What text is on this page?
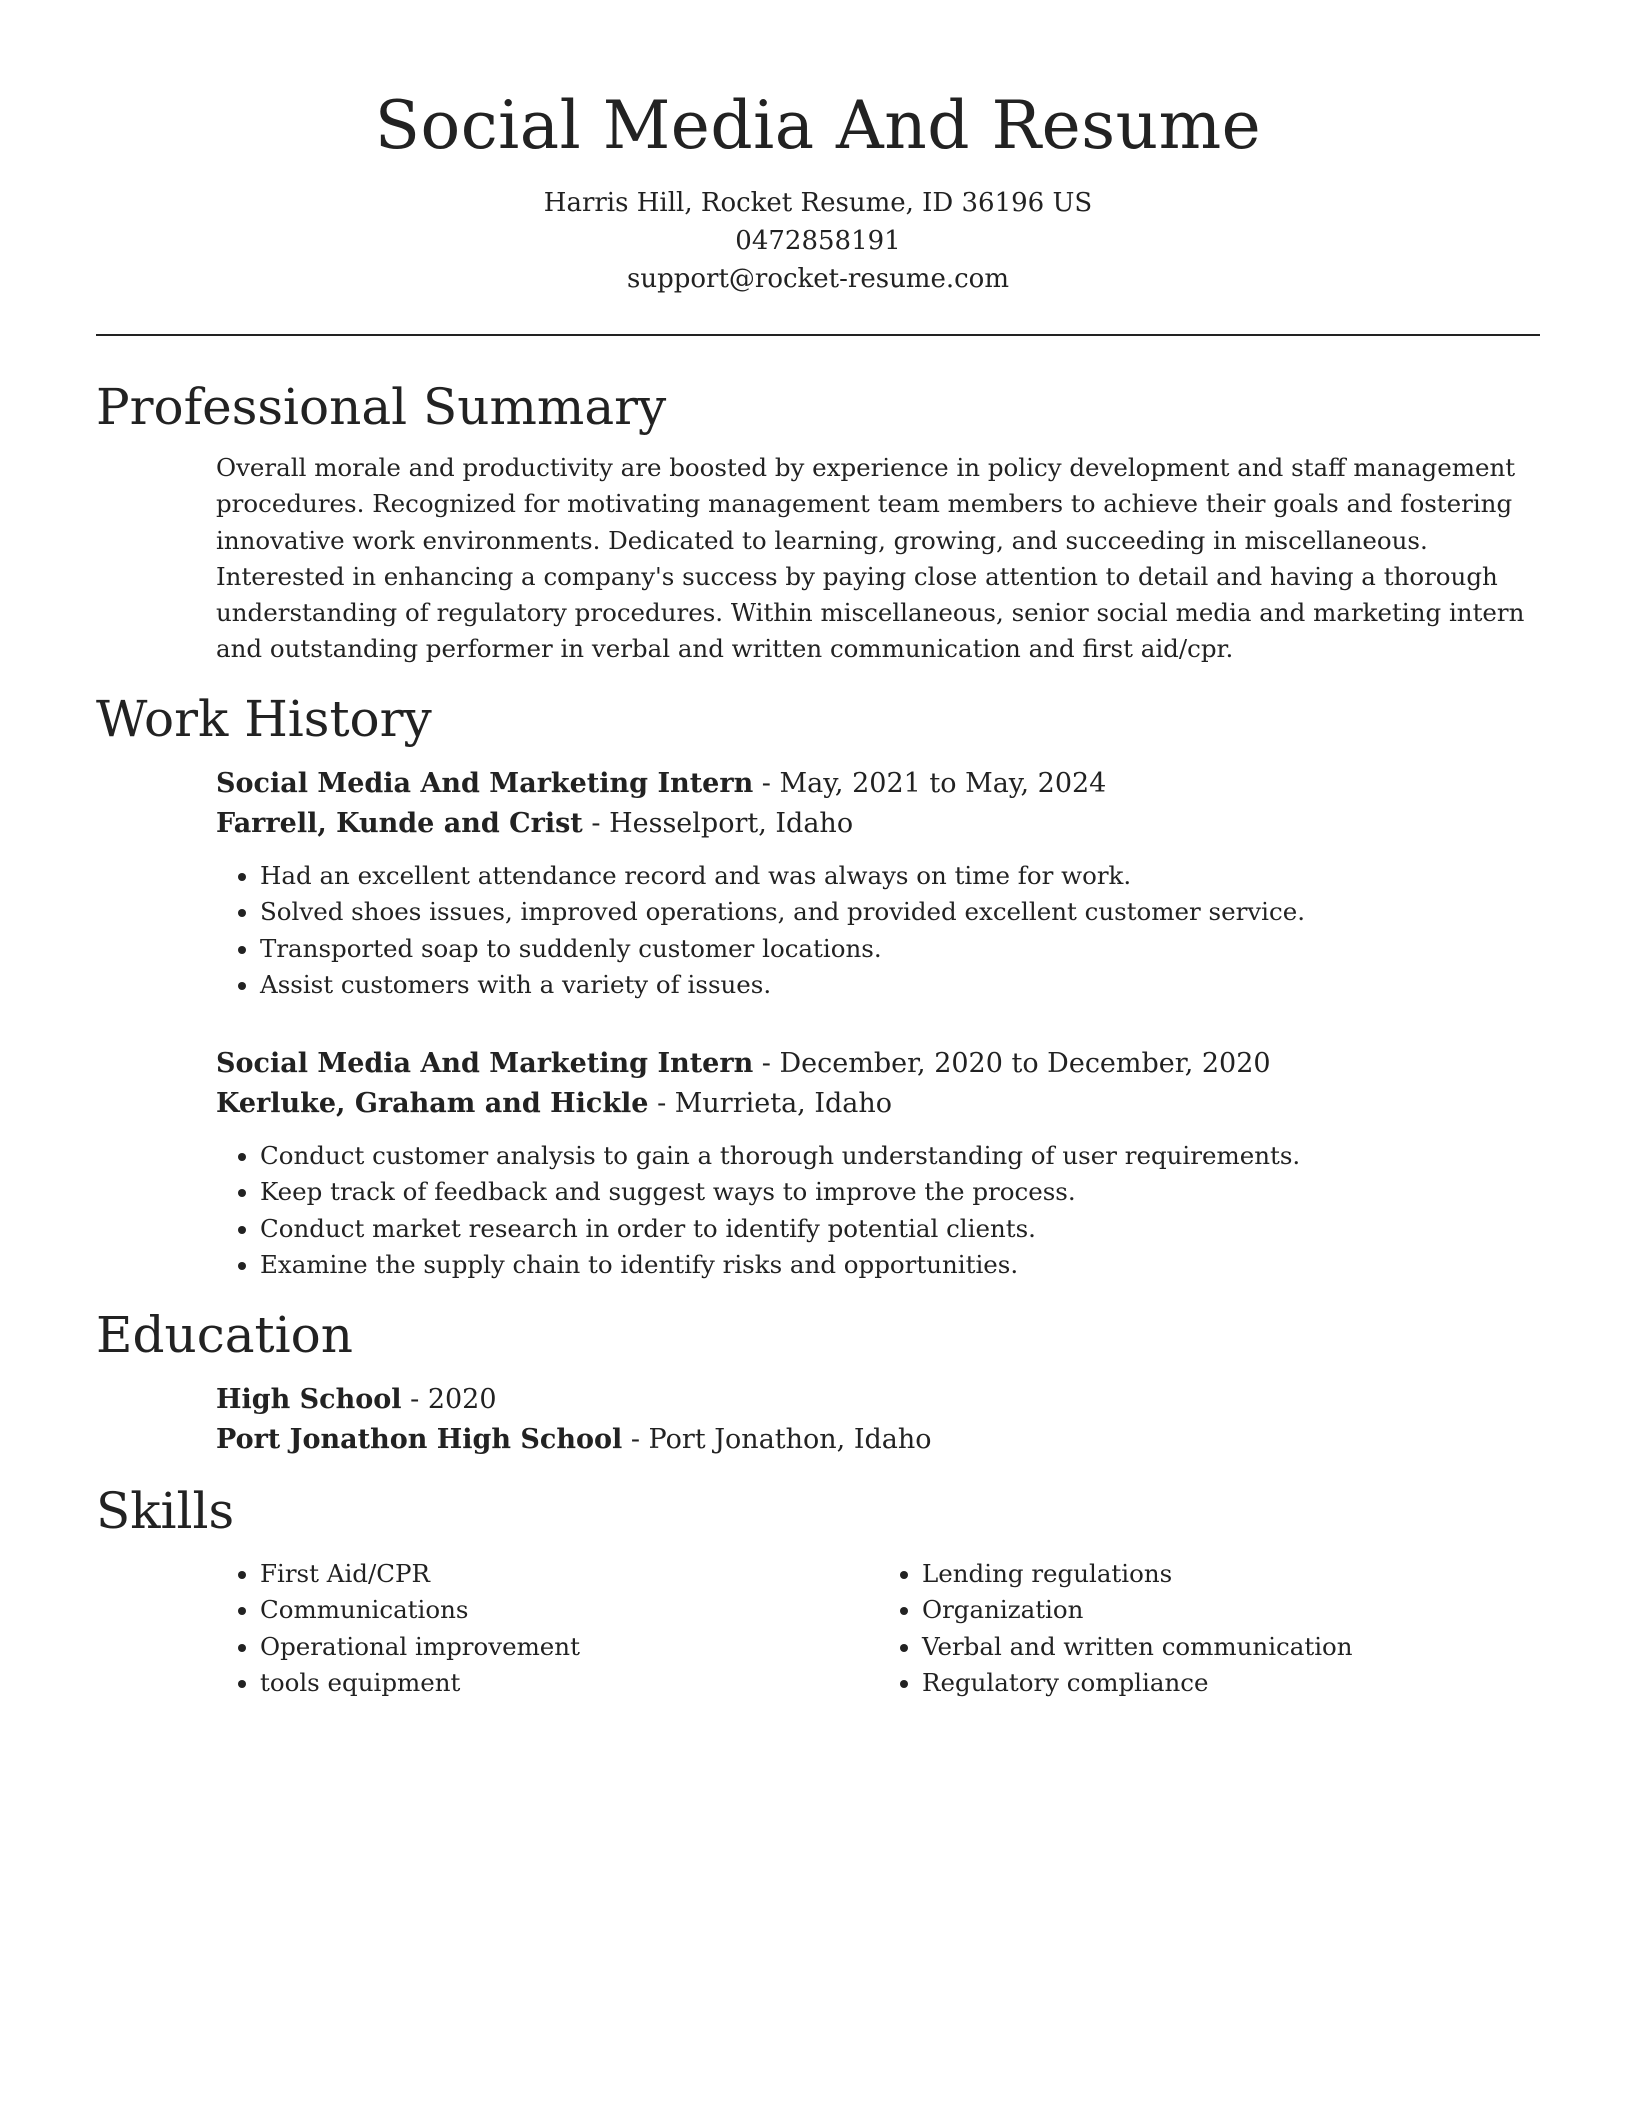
Social Media And Resume
Harris Hill, Rocket Resume, ID 36196 US
0472858191
support@rocket-resume.com
Professional Summary
Overall morale and productivity are boosted by experience in policy development and staff management procedures. Recognized for motivating management team members to achieve their goals and fostering innovative work environments. Dedicated to learning, growing, and succeeding in miscellaneous. Interested in enhancing a company's success by paying close attention to detail and having a thorough understanding of regulatory procedures. Within miscellaneous, senior social media and marketing intern and outstanding performer in verbal and written communication and first aid/cpr.
Work History
Social Media And Marketing Intern - May, 2021 to May, 2024
Farrell, Kunde and Crist - Hesselport, Idaho
• Had an excellent attendance record and was always on time for work.
• Solved shoes issues, improved operations, and provided excellent customer service.
• Transported soap to suddenly customer locations.
• Assist customers with a variety of issues.
Social Media And Marketing Intern - December, 2020 to December, 2020
Kerluke, Graham and Hickle - Murrieta, Idaho
• Conduct customer analysis to gain a thorough understanding of user requirements.
• Keep track of feedback and suggest ways to improve the process.
• Conduct market research in order to identify potential clients.
• Examine the supply chain to identify risks and opportunities.
Education
High School - 2020
Port Jonathon High School - Port Jonathon, Idaho
Skills
• First Aid/CPR
• Communications
• Operational improvement
• tools equipment
• Lending regulations
• Organization
• Verbal and written communication
• Regulatory compliance
